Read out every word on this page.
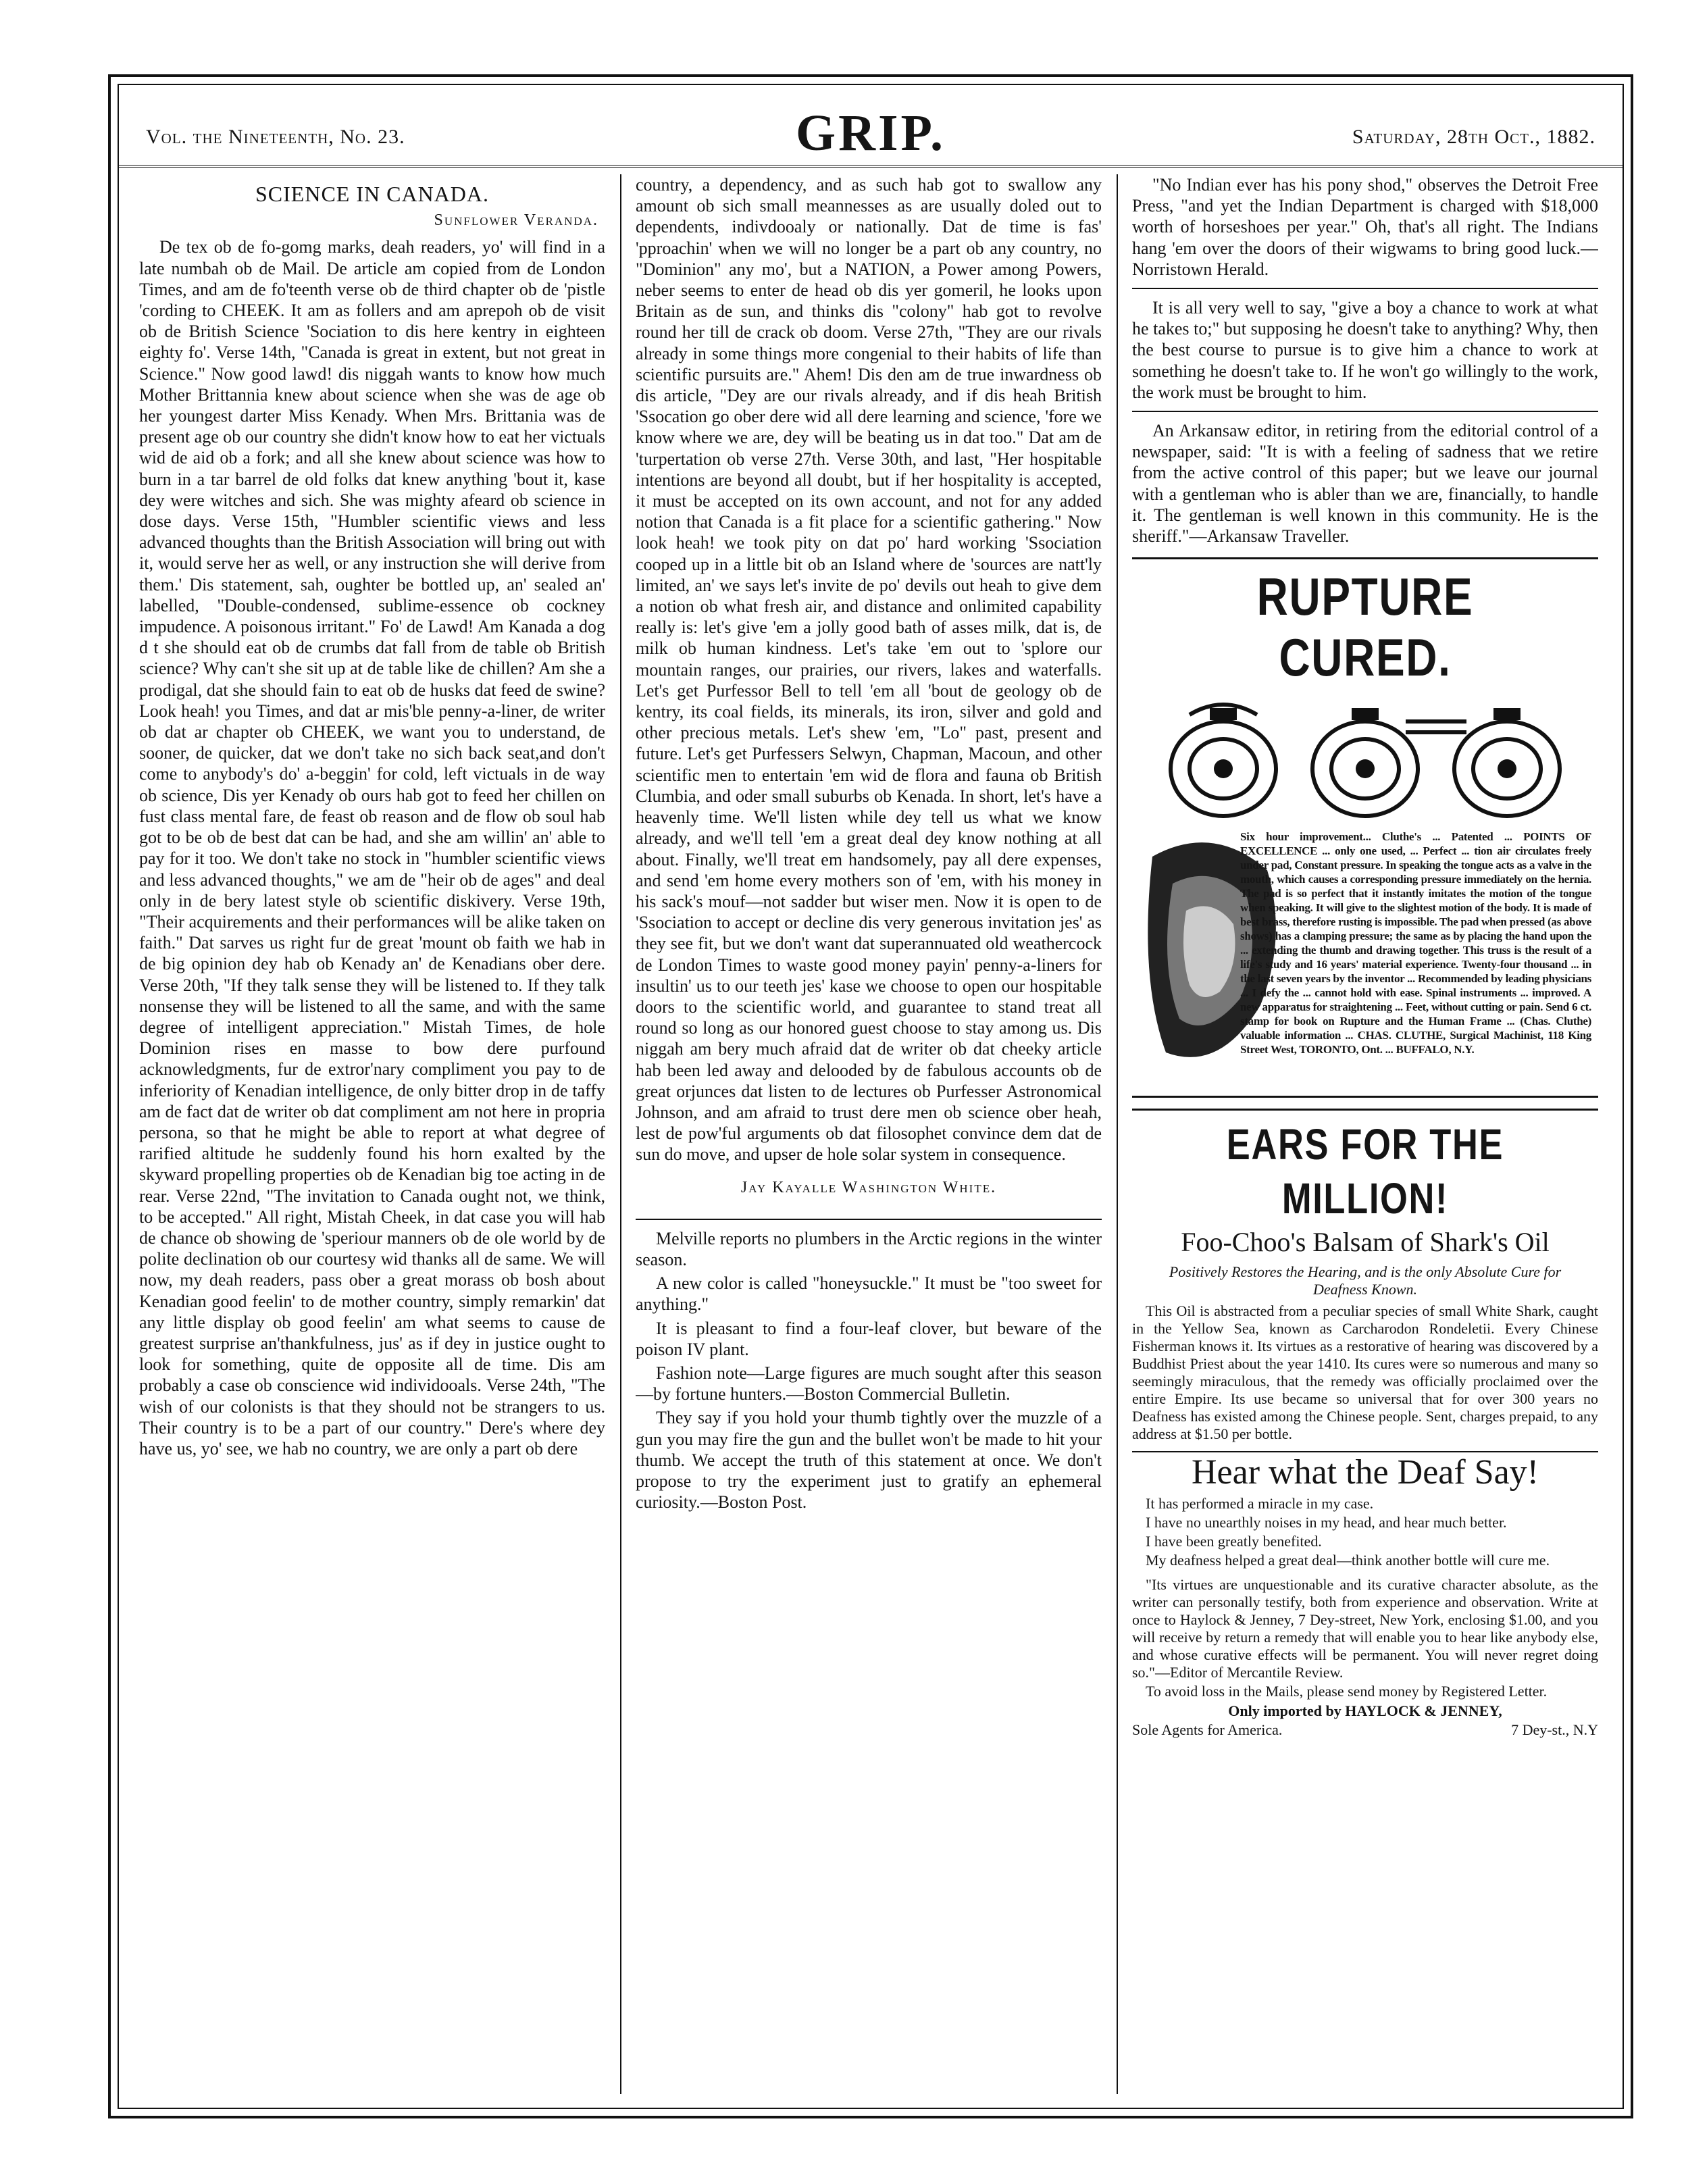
Vol. the Nineteenth, No. 23.	GRIP.	Saturday, 28th Oct., 1882.
SCIENCE IN CANADA.
Sunflower Veranda.

De tex ob de fo-gomg marks, deah readers, yo' will find in a late numbah ob de Mail. De article am copied from de London Times, and am de fo'teenth verse ob de third chapter ob de 'pistle 'cording to CHEEK. It am as follers and am aprepoh ob de visit ob de British Science 'Sociation to dis here kentry in eighteen eighty fo'. Verse 14th, "Canada is great in extent, but not great in Science." Now good lawd! dis niggah wants to know how much Mother Brittannia knew about science when she was de age ob her youngest darter Miss Kenady. When Mrs. Brittania was de present age ob our country she didn't know how to eat her victuals wid de aid ob a fork; and all she knew about science was how to burn in a tar barrel de old folks dat knew anything 'bout it, kase dey were witches and sich. She was mighty afeard ob science in dose days. Verse 15th, "Humbler scientific views and less advanced thoughts than the British Association will bring out with it, would serve her as well, or any instruction she will derive from them.' Dis statement, sah, oughter be bottled up, an' sealed an' labelled, "Double-condensed, sublime-essence ob cockney impudence. A poisonous irritant." Fo' de Lawd! Am Kanada a dog d t she should eat ob de crumbs dat fall from de table ob British science? Why can't she sit up at de table like de chillen? Am she a prodigal, dat she should fain to eat ob de husks dat feed de swine? Look heah! you Times, and dat ar mis'ble penny-a-liner, de writer ob dat ar chapter ob CHEEK, we want you to understand, de sooner, de quicker, dat we don't take no sich back seat,and don't come to anybody's do' a-beggin' for cold, left victuals in de way ob science, Dis yer Kenady ob ours hab got to feed her chillen on fust class mental fare, de feast ob reason and de flow ob soul hab got to be ob de best dat can be had, and she am willin' an' able to pay for it too. We don't take no stock in "humbler scientific views and less advanced thoughts," we am de "heir ob de ages" and deal only in de bery latest style ob scientific diskivery. Verse 19th, "Their acquirements and their performances will be alike taken on faith." Dat sarves us right fur de great 'mount ob faith we hab in de big opinion dey hab ob Kenady an' de Kenadians ober dere. Verse 20th, "If they talk sense they will be listened to. If they talk nonsense they will be listened to all the same, and with the same degree of intelligent appreciation." Mistah Times, de hole Dominion rises en masse to bow dere purfound acknowledgments, fur de extror'nary compliment you pay to de inferiority of Kenadian intelligence, de only bitter drop in de taffy am de fact dat de writer ob dat compliment am not here in propria persona, so that he might be able to report at what degree of rarified altitude he suddenly found his horn exalted by the skyward propelling properties ob de Kenadian big toe acting in de rear. Verse 22nd, "The invitation to Canada ought not, we think, to be accepted." All right, Mistah Cheek, in dat case you will hab de chance ob showing de 'speriour manners ob de ole world by de polite declination ob our courtesy wid thanks all de same. We will now, my deah readers, pass ober a great morass ob bosh about Kenadian good feelin' to de mother country, simply remarkin' dat any little display ob good feelin' am what seems to cause de greatest surprise an'thankfulness, jus' as if dey in justice ought to look for something, quite de opposite all de time. Dis am probably a case ob conscience wid individooals. Verse 24th, "The wish of our colonists is that they should not be strangers to us. Their country is to be a part of our country." Dere's where dey have us, yo' see, we hab no country, we are only a part ob dere

country, a dependency, and as such hab got to swallow any amount ob sich small meannesses as are usually doled out to dependents, indivdooaly or nationally. Dat de time is fas' 'pproachin' when we will no longer be a part ob any country, no "Dominion" any mo', but a NATION, a Power among Powers, neber seems to enter de head ob dis yer gomeril, he looks upon Britain as de sun, and thinks dis "colony" hab got to revolve round her till de crack ob doom. Verse 27th, "They are our rivals already in some things more congenial to their habits of life than scientific pursuits are." Ahem! Dis den am de true inwardness ob dis article, "Dey are our rivals already, and if dis heah British 'Ssocation go ober dere wid all dere learning and science, 'fore we know where we are, dey will be beating us in dat too." Dat am de 'turpertation ob verse 27th. Verse 30th, and last, "Her hospitable intentions are beyond all doubt, but if her hospitality is accepted, it must be accepted on its own account, and not for any added notion that Canada is a fit place for a scientific gathering." Now look heah! we took pity on dat po' hard working 'Ssociation cooped up in a little bit ob an Island where de 'sources are natt'ly limited, an' we says let's invite de po' devils out heah to give dem a notion ob what fresh air, and distance and onlimited capability really is: let's give 'em a jolly good bath of asses milk, dat is, de milk ob human kindness. Let's take 'em out to 'splore our mountain ranges, our prairies, our rivers, lakes and waterfalls. Let's get Purfessor Bell to tell 'em all 'bout de geology ob de kentry, its coal fields, its minerals, its iron, silver and gold and other precious metals. Let's shew 'em, "Lo" past, present and future. Let's get Purfessers Selwyn, Chapman, Macoun, and other scientific men to entertain 'em wid de flora and fauna ob British Clumbia, and oder small suburbs ob Kenada. In short, let's have a heavenly time. We'll listen while dey tell us what we know already, and we'll tell 'em a great deal dey know nothing at all about. Finally, we'll treat em handsomely, pay all dere expenses, and send 'em home every mothers son of 'em, with his money in his sack's mouf—not sadder but wiser men. Now it is open to de 'Ssociation to accept or decline dis very generous invitation jes' as they see fit, but we don't want dat superannuated old weathercock de London Times to waste good money payin' penny-a-liners for insultin' us to our teeth jes' kase we choose to open our hospitable doors to the scientific world, and guarantee to stand treat all round so long as our honored guest choose to stay among us. Dis niggah am bery much afraid dat de writer ob dat cheeky article hab been led away and delooded by de fabulous accounts ob de great orjunces dat listen to de lectures ob Purfesser Astronomical Johnson, and am afraid to trust dere men ob science ober heah, lest de pow'ful arguments ob dat filosophet convince dem dat de sun do move, and upser de hole solar system in consequence.

Jay Kayalle Washington White.

Melville reports no plumbers in the Arctic regions in the winter season.

A new color is called "honeysuckle." It must be "too sweet for anything."

It is pleasant to find a four-leaf clover, but beware of the poison IV plant.

Fashion note—Large figures are much sought after this season—by fortune hunters.—Boston Commercial Bulletin.

They say if you hold your thumb tightly over the muzzle of a gun you may fire the gun and the bullet won't be made to hit your thumb. We accept the truth of this statement at once. We don't propose to try the experiment just to gratify an ephemeral curiosity.—Boston Post.

"No Indian ever has his pony shod," observes the Detroit Free Press, "and yet the Indian Department is charged with $18,000 worth of horseshoes per year." Oh, that's all right. The Indians hang 'em over the doors of their wigwams to bring good luck.—Norristown Herald.

It is all very well to say, "give a boy a chance to work at what he takes to;" but supposing he doesn't take to anything? Why, then the best course to pursue is to give him a chance to work at something he doesn't take to. If he won't go willingly to the work, the work must be brought to him.

An Arkansaw editor, in retiring from the editorial control of a newspaper, said: "It is with a feeling of sadness that we retire from the active control of this paper; but we leave our journal with a gentleman who is abler than we are, financially, to handle it. The gentleman is well known in this community. He is the sheriff."—Arkansaw Traveller.

RUPTURE CURED.
Six hour improvement... Cluthe's ... Patented ... POINTS OF EXCELLENCE ... only one used, ... Perfect ... tion air circulates freely under pad, Constant pressure. In speaking the tongue acts as a valve in the mouth, which causes a corresponding pressure immediately on the hernia. The pad is so perfect that it instantly imitates the motion of the tongue when speaking. It will give to the slightest motion of the body. It is made of best brass, therefore rusting is impossible. The pad when pressed (as above shows) has a clamping pressure; the same as by placing the hand upon the ... extending the thumb and drawing together. This truss is the result of a life's study and 16 years' material experience. Twenty-four thousand ... in the last seven years by the inventor ... Recommended by leading physicians ... I defy the ... cannot hold with ease. Spinal instruments ... improved. A new apparatus for straightening ... Feet, without cutting or pain. Send 6 ct. stamp for book on Rupture and the Human Frame ... (Chas. Cluthe) valuable information ... CHAS. CLUTHE, Surgical Machinist, 118 King Street West, TORONTO, Ont. ... BUFFALO, N.Y.
EARS FOR THE MILLION!
Foo-Choo's Balsam of Shark's Oil
Positively Restores the Hearing, and is the only Absolute Cure for Deafness Known.

This Oil is abstracted from a peculiar species of small White Shark, caught in the Yellow Sea, known as Carcharodon Rondeletii. Every Chinese Fisherman knows it. Its virtues as a restorative of hearing was discovered by a Buddhist Priest about the year 1410. Its cures were so numerous and many so seemingly miraculous, that the remedy was officially proclaimed over the entire Empire. Its use became so universal that for over 300 years no Deafness has existed among the Chinese people. Sent, charges prepaid, to any address at $1.50 per bottle.

Hear what the Deaf Say!

It has performed a miracle in my case.

I have no unearthly noises in my head, and hear much better.

I have been greatly benefited.

My deafness helped a great deal—think another bottle will cure me.

"Its virtues are unquestionable and its curative character absolute, as the writer can personally testify, both from experience and observation. Write at once to Haylock & Jenney, 7 Dey-street, New York, enclosing $1.00, and you will receive by return a remedy that will enable you to hear like anybody else, and whose curative effects will be permanent. You will never regret doing so."—Editor of Mercantile Review.

To avoid loss in the Mails, please send money by Registered Letter.

Only imported by HAYLOCK & JENNEY,
Sole Agents for America.	7 Dey-st., N.Y
